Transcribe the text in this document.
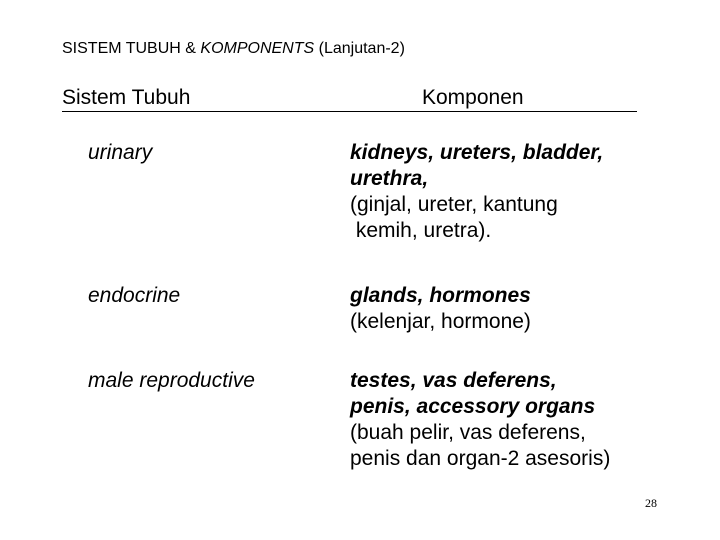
SISTEM TUBUH & KOMPONENTS (Lanjutan-2)
Sistem Tubuh	Komponen
urinary	kidneys, ureters, bladder,
urethra,
(ginjal, ureter, kantung
kemih, uretra).
endocrine	glands, hormones
(kelenjar, hormone)
male reproductive	testes, vas deferens,
penis, accessory organs
(buah pelir, vas deferens,
penis dan organ-2 asesoris)
28
